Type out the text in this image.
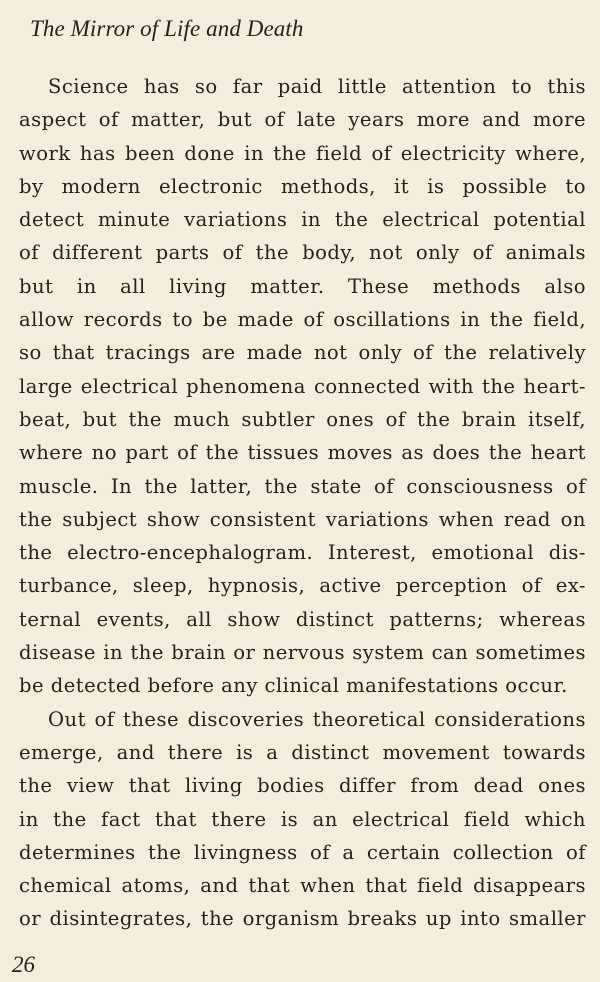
The Mirror of Life and Death
Science has so far paid little attention to this
aspect of matter, but of late years more and more
work has been done in the field of electricity where,
by modern electronic methods, it is possible to
detect minute variations in the electrical potential
of different parts of the body, not only of animals
but in all living matter. These methods also
allow records to be made of oscillations in the field,
so that tracings are made not only of the relatively
large electrical phenomena connected with the heart-
beat, but the much subtler ones of the brain itself,
where no part of the tissues moves as does the heart
muscle. In the latter, the state of consciousness of
the subject show consistent variations when read on
the electro-encephalogram. Interest, emotional dis-
turbance, sleep, hypnosis, active perception of ex-
ternal events, all show distinct patterns; whereas
disease in the brain or nervous system can sometimes
be detected before any clinical manifestations occur.
Out of these discoveries theoretical considerations
emerge, and there is a distinct movement towards
the view that living bodies differ from dead ones
in the fact that there is an electrical field which
determines the livingness of a certain collection of
chemical atoms, and that when that field disappears
or disintegrates, the organism breaks up into smaller
26
